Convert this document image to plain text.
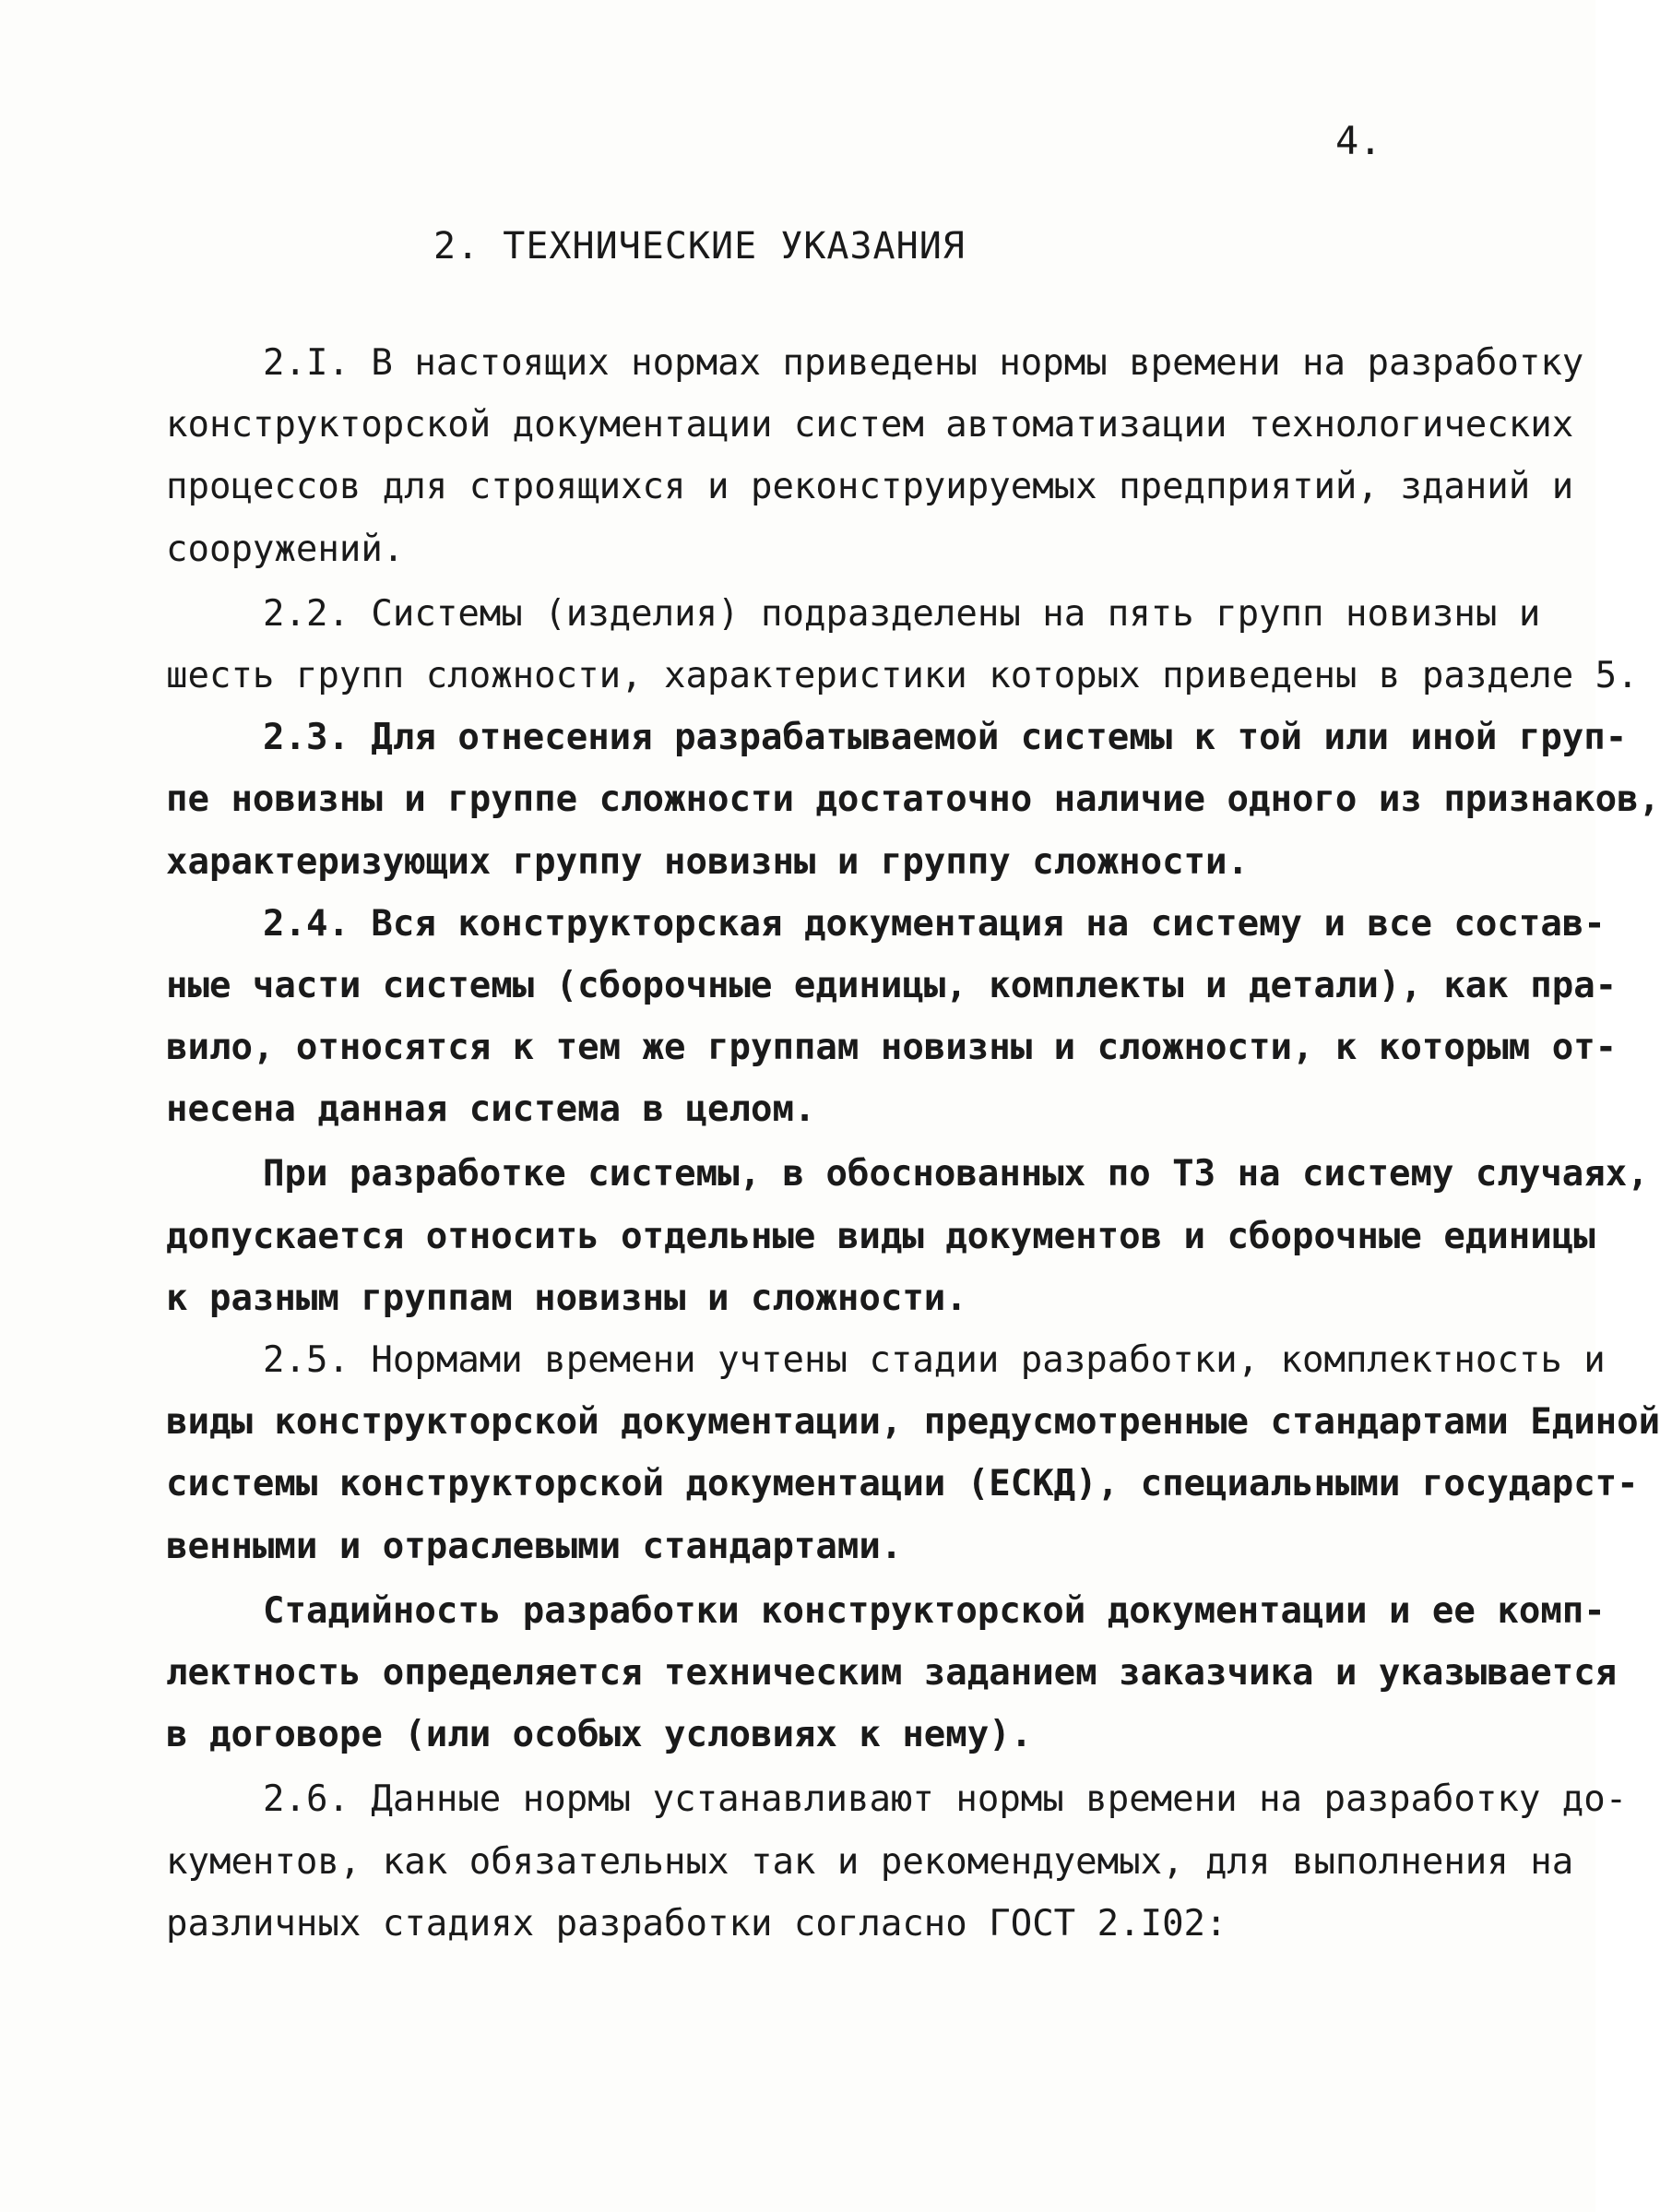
4.
2. ТЕХНИЧЕСКИЕ УКАЗАНИЯ
2.I. В настоящих нормах приведены нормы времени на разработку
конструкторской документации систем автоматизации технологических
процессов для строящихся и реконструируемых предприятий, зданий и
сооружений.
2.2. Системы (изделия) подразделены на пять групп новизны и
шесть групп сложности, характеристики которых приведены в разделе 5.
2.3. Для отнесения разрабатываемой системы к той или иной груп-
пе новизны и группе сложности достаточно наличие одного из признаков,
характеризующих группу новизны и группу сложности.
2.4. Вся конструкторская документация на систему и все состав-
ные части системы (сборочные единицы, комплекты и детали), как пра-
вило, относятся к тем же группам новизны и сложности, к которым от-
несена данная система в целом.
При разработке системы, в обоснованных по ТЗ на систему случаях,
допускается относить отдельные виды документов и сборочные единицы
к разным группам новизны и сложности.
2.5. Нормами времени учтены стадии разработки, комплектность и
виды конструкторской документации, предусмотренные стандартами Единой
системы конструкторской документации (ЕСКД), специальными государст-
венными и отраслевыми стандартами.
Стадийность разработки конструкторской документации и ее комп-
лектность определяется техническим заданием заказчика и указывается
в договоре (или особых условиях к нему).
2.6. Данные нормы устанавливают нормы времени на разработку до-
кументов, как обязательных так и рекомендуемых, для выполнения на
различных стадиях разработки согласно ГОСТ 2.I02:
